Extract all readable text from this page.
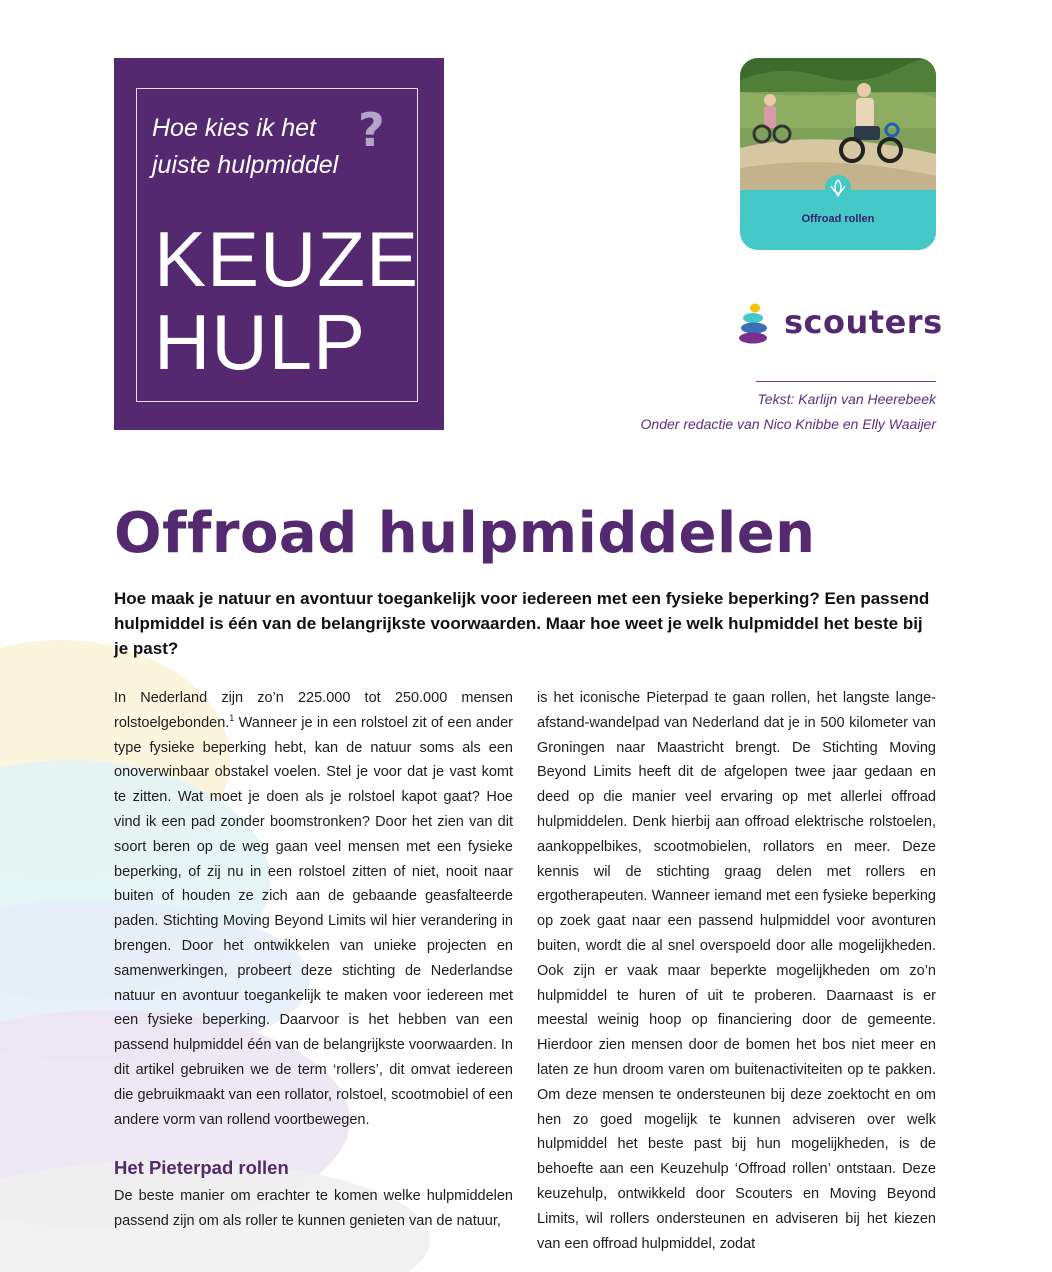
Hoe kies ik het
juiste hulpmiddel
?
KEUZE
HULP
Offroad rollen
scouters
Tekst: Karlijn van Heerebeek
Onder redactie van Nico Knibbe en Elly Waaijer
Offroad hulpmiddelen

Hoe maak je natuur en avontuur toegankelijk voor iedereen met een fysieke beperking? Een passend hulpmiddel is één van de belangrijkste voorwaarden. Maar hoe weet je welk hulpmiddel het beste bij je past?

In Nederland zijn zo’n 225.000 tot 250.000 mensen rolstoelgebonden.$^1$ Wanneer je in een rolstoel zit of een ander type fysieke beperking hebt, kan de natuur soms als een onoverwinbaar obstakel voelen. Stel je voor dat je vast komt te zitten. Wat moet je doen als je rolstoel kapot gaat? Hoe vind ik een pad zonder boomstronken? Door het zien van dit soort beren op de weg gaan veel mensen met een fysieke beperking, of zij nu in een rolstoel zitten of niet, nooit naar buiten of houden ze zich aan de gebaande geasfalteerde paden. Stichting Moving Beyond Limits wil hier verandering in brengen. Door het ontwikkelen van unieke projecten en samenwerkingen, probeert deze stichting de Nederlandse natuur en avontuur toegankelijk te maken voor iedereen met een fysieke beperking. Daarvoor is het hebben van een passend hulpmiddel één van de belangrijkste voorwaarden. In dit artikel gebruiken we de term ‘rollers’, dit omvat iedereen die gebruikmaakt van een rollator, rolstoel, scootmobiel of een andere vorm van rollend voortbewegen.

Het Pieterpad rollen

De beste manier om erachter te komen welke hulpmiddelen passend zijn om als roller te kunnen genieten van de natuur,

is het iconische Pieterpad te gaan rollen, het langste lange-afstand-wandelpad van Nederland dat je in 500 kilometer van Groningen naar Maastricht brengt. De Stichting Moving Beyond Limits heeft dit de afgelopen twee jaar gedaan en deed op die manier veel ervaring op met allerlei offroad hulpmiddelen. Denk hierbij aan offroad elektrische rolstoelen, aankoppelbikes, scootmobielen, rollators en meer. Deze kennis wil de stichting graag delen met rollers en ergotherapeuten. Wanneer iemand met een fysieke beperking op zoek gaat naar een passend hulpmiddel voor avonturen buiten, wordt die al snel overspoeld door alle mogelijkheden. Ook zijn er vaak maar beperkte mogelijkheden om zo’n hulpmiddel te huren of uit te proberen. Daarnaast is er meestal weinig hoop op financiering door de gemeente. Hierdoor zien mensen door de bomen het bos niet meer en laten ze hun droom varen om buitenactiviteiten op te pakken. Om deze mensen te ondersteunen bij deze zoektocht en om hen zo goed mogelijk te kunnen adviseren over welk hulpmiddel het beste past bij hun mogelijkheden, is de behoefte aan een Keuzehulp ‘Offroad rollen’ ontstaan. Deze keuzehulp, ontwikkeld door Scouters en Moving Beyond Limits, wil rollers ondersteunen en adviseren bij het kiezen van een offroad hulpmiddel, zodat
